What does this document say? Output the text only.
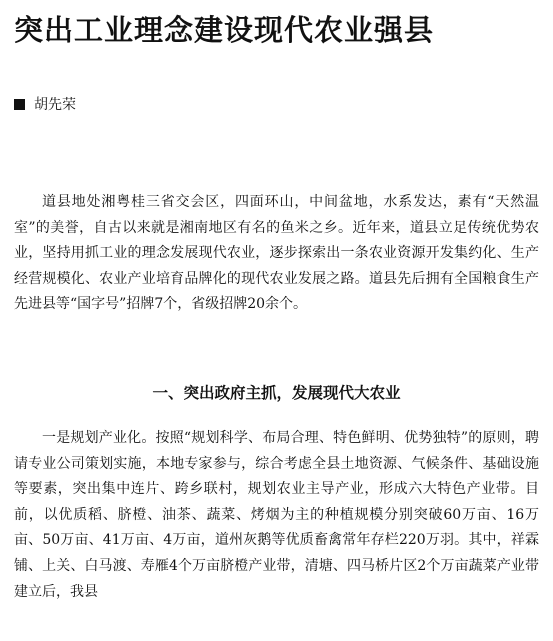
突出工业理念建设现代农业强县
胡先荣

道县地处湘粤桂三省交会区，四面环山，中间盆地，水系发达，素有“天然温室”的美誉，自古以来就是湘南地区有名的鱼米之乡。近年来，道县立足传统优势农业，坚持用抓工业的理念发展现代农业，逐步探索出一条农业资源开发集约化、生产经营规模化、农业产业培育品牌化的现代农业发展之路。道县先后拥有全国粮食生产先进县等“国字号”招牌7个，省级招牌20余个。

一、突出政府主抓，发展现代大农业

一是规划产业化。按照“规划科学、布局合理、特色鲜明、优势独特”的原则，聘请专业公司策划实施，本地专家参与，综合考虑全县土地资源、气候条件、基础设施等要素，突出集中连片、跨乡联村，规划农业主导产业，形成六大特色产业带。目前，以优质稻、脐橙、油茶、蔬菜、烤烟为主的种植规模分别突破60万亩、16万亩、50万亩、41万亩、4万亩，道州灰鹅等优质畜禽常年存栏220万羽。其中，祥霖铺、上关、白马渡、寿雁4个万亩脐橙产业带，清塘、四马桥片区2个万亩蔬菜产业带建立后，我县
